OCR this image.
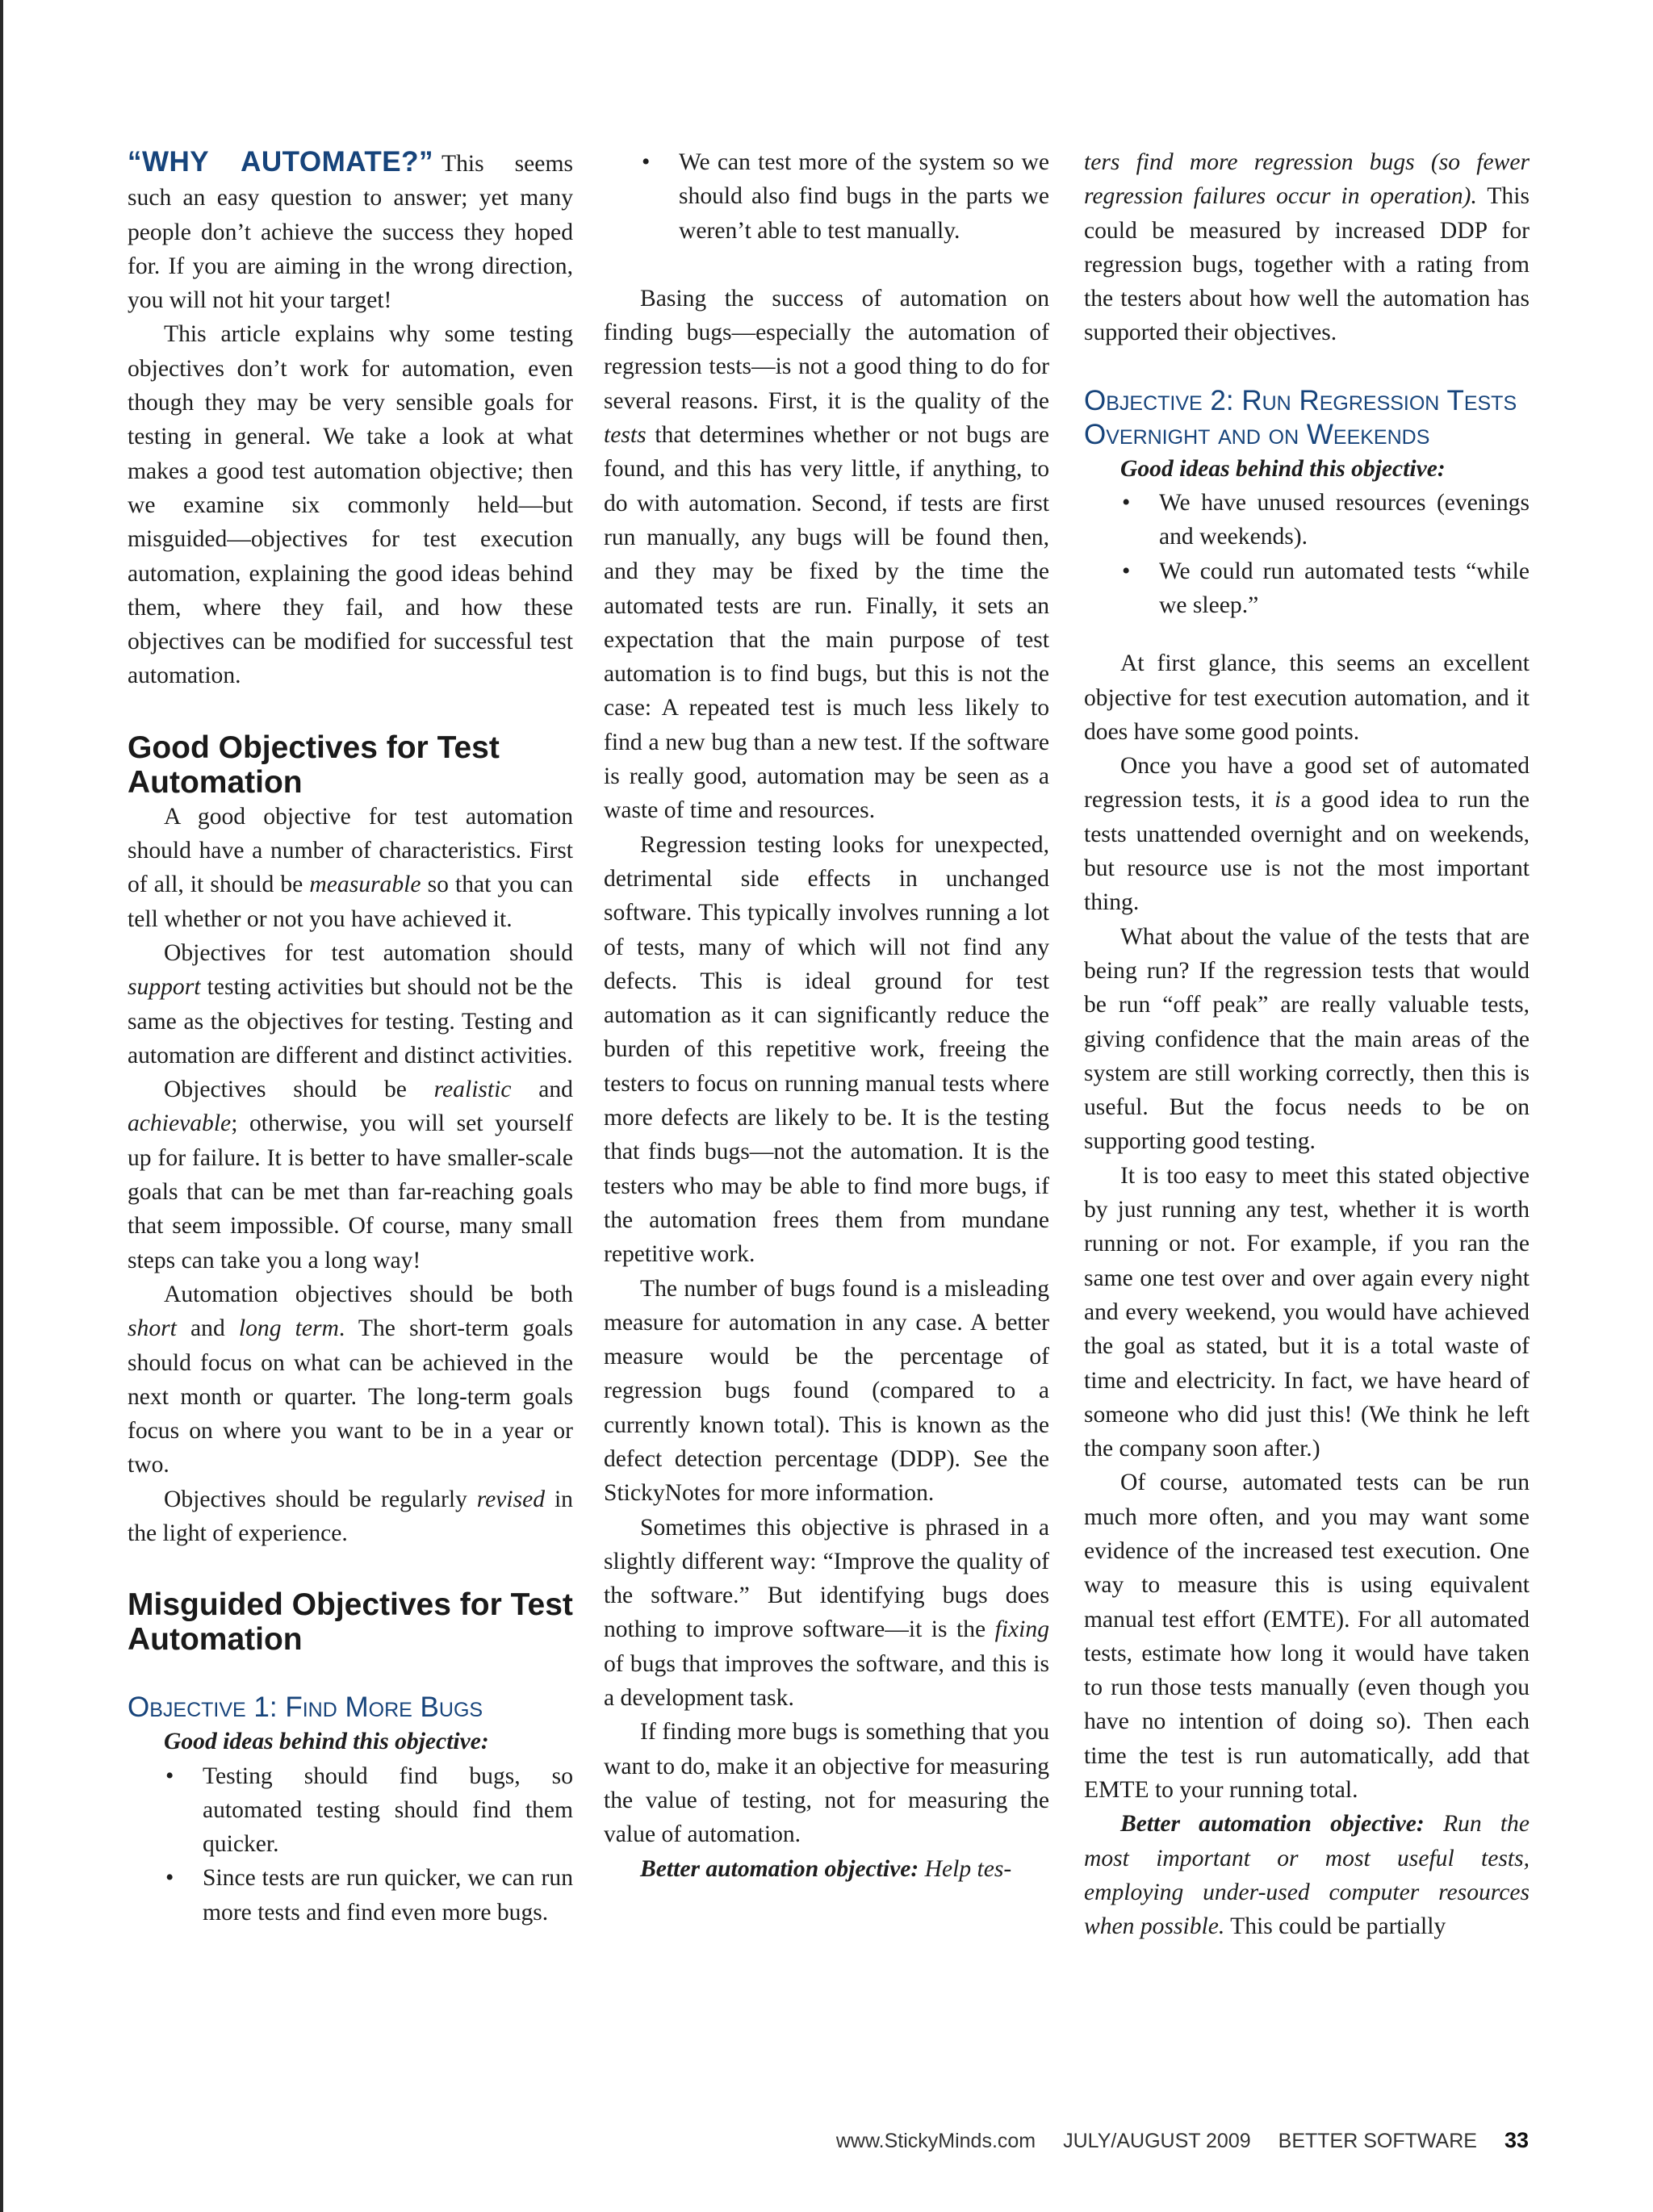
“WHY AUTOMATE?” This seems such an easy question to answer; yet many people don’t achieve the success they hoped for. If you are aiming in the wrong direction, you will not hit your target!

This article explains why some testing objectives don’t work for automation, even though they may be very sensible goals for testing in general. We take a look at what makes a good test automation objective; then we examine six commonly held—but misguided—objectives for test execution automation, explaining the good ideas behind them, where they fail, and how these objectives can be modified for successful test automation.

Good Objectives for Test Automation

A good objective for test automation should have a number of characteristics. First of all, it should be measurable so that you can tell whether or not you have achieved it.

Objectives for test automation should support testing activities but should not be the same as the objectives for testing. Testing and automation are different and distinct activities.

Objectives should be realistic and achievable; otherwise, you will set yourself up for failure. It is better to have smaller-scale goals that can be met than far-reaching goals that seem impossible. Of course, many small steps can take you a long way!

Automation objectives should be both short and long term. The short-term goals should focus on what can be achieved in the next month or quarter. The long-term goals focus on where you want to be in a year or two.

Objectives should be regularly revised in the light of experience.

Misguided Objectives for Test Automation
Objective 1: Find More Bugs

Good ideas behind this objective:

• Testing should find bugs, so automated testing should find them quicker.
• Since tests are run quicker, we can run more tests and find even more bugs.
• We can test more of the system so we should also find bugs in the parts we weren’t able to test manually.

Basing the success of automation on finding bugs—especially the automation of regression tests—is not a good thing to do for several reasons. First, it is the quality of the tests that determines whether or not bugs are found, and this has very little, if anything, to do with automation. Second, if tests are first run manually, any bugs will be found then, and they may be fixed by the time the automated tests are run. Finally, it sets an expectation that the main purpose of test automation is to find bugs, but this is not the case: A repeated test is much less likely to find a new bug than a new test. If the software is really good, automation may be seen as a waste of time and resources.

Regression testing looks for unexpected, detrimental side effects in unchanged software. This typically involves running a lot of tests, many of which will not find any defects. This is ideal ground for test automation as it can significantly reduce the burden of this repetitive work, freeing the testers to focus on running manual tests where more defects are likely to be. It is the testing that finds bugs—not the automation. It is the testers who may be able to find more bugs, if the automation frees them from mundane repetitive work.

The number of bugs found is a misleading measure for automation in any case. A better measure would be the percentage of regression bugs found (compared to a currently known total). This is known as the defect detection percentage (DDP). See the StickyNotes for more information.

Sometimes this objective is phrased in a slightly different way: “Improve the quality of the software.” But identifying bugs does nothing to improve software—it is the fixing of bugs that improves the software, and this is a development task.

If finding more bugs is something that you want to do, make it an objective for measuring the value of testing, not for measuring the value of automation.

Better automation objective: Help tes-

ters find more regression bugs (so fewer regression failures occur in operation). This could be measured by increased DDP for regression bugs, together with a rating from the testers about how well the automation has supported their objectives.

Objective 2: Run Regression Tests Overnight and on Weekends

Good ideas behind this objective:

• We have unused resources (evenings and weekends).
• We could run automated tests “while we sleep.”

At first glance, this seems an excellent objective for test execution automation, and it does have some good points.

Once you have a good set of automated regression tests, it is a good idea to run the tests unattended overnight and on weekends, but resource use is not the most important thing.

What about the value of the tests that are being run? If the regression tests that would be run “off peak” are really valuable tests, giving confidence that the main areas of the system are still working correctly, then this is useful. But the focus needs to be on supporting good testing.

It is too easy to meet this stated objective by just running any test, whether it is worth running or not. For example, if you ran the same one test over and over again every night and every weekend, you would have achieved the goal as stated, but it is a total waste of time and electricity. In fact, we have heard of someone who did just this! (We think he left the company soon after.)

Of course, automated tests can be run much more often, and you may want some evidence of the increased test execution. One way to measure this is using equivalent manual test effort (EMTE). For all automated tests, estimate how long it would have taken to run those tests manually (even though you have no intention of doing so). Then each time the test is run automatically, add that EMTE to your running total.

Better automation objective: Run the most important or most useful tests, employing under-used computer resources when possible. This could be partially

www.StickyMinds.com JULY/AUGUST 2009 BETTER SOFTWARE 33
